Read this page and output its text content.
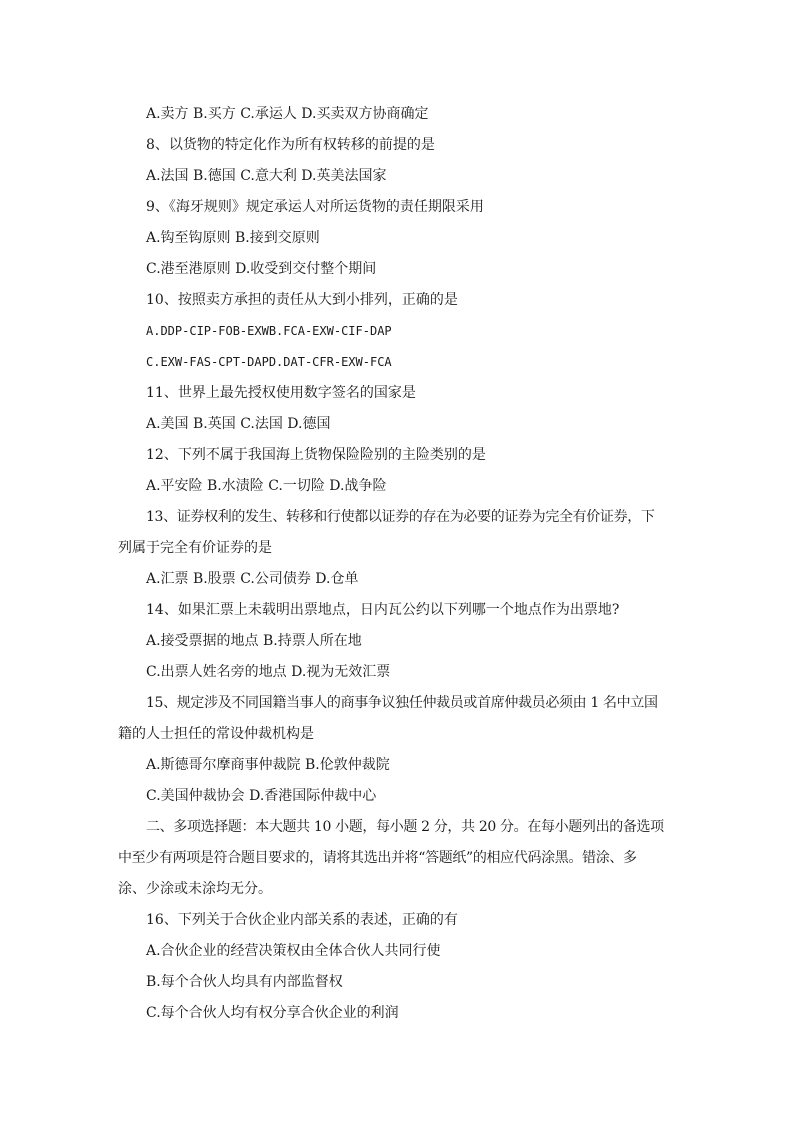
A.卖方 B.买方 C.承运人 D.买卖双方协商确定
8、以货物的特定化作为所有权转移的前提的是
A.法国 B.德国 C.意大利 D.英美法国家
9、《海牙规则》规定承运人对所运货物的责任期限采用
A.钩至钩原则 B.接到交原则
C.港至港原则 D.收受到交付整个期间
10、按照卖方承担的责任从大到小排列，正确的是
A.DDP-CIP-FOB-EXWB.FCA-EXW-CIF-DAP
C.EXW-FAS-CPT-DAPD.DAT-CFR-EXW-FCA
11、世界上最先授权使用数字签名的国家是
A.美国 B.英国 C.法国 D.德国
12、下列不属于我国海上货物保险险别的主险类别的是
A.平安险 B.水渍险 C.一切险 D.战争险
13、证券权利的发生、转移和行使都以证券的存在为必要的证券为完全有价证券，下
列属于完全有价证券的是
A.汇票 B.股票 C.公司债券 D.仓单
14、如果汇票上未载明出票地点，日内瓦公约以下列哪一个地点作为出票地?
A.接受票据的地点 B.持票人所在地
C.出票人姓名旁的地点 D.视为无效汇票
15、规定涉及不同国籍当事人的商事争议独任仲裁员或首席仲裁员必须由 1 名中立国
籍的人士担任的常设仲裁机构是
A.斯德哥尔摩商事仲裁院 B.伦敦仲裁院
C.美国仲裁协会 D.香港国际仲裁中心
二、多项选择题：本大题共 10 小题，每小题 2 分，共 20 分。在每小题列出的备选项
中至少有两项是符合题目要求的，请将其选出并将“答题纸”的相应代码涂黑。错涂、多
涂、少涂或未涂均无分。
16、下列关于合伙企业内部关系的表述，正确的有
A.合伙企业的经营决策权由全体合伙人共同行使
B.每个合伙人均具有内部监督权
C.每个合伙人均有权分享合伙企业的利润
